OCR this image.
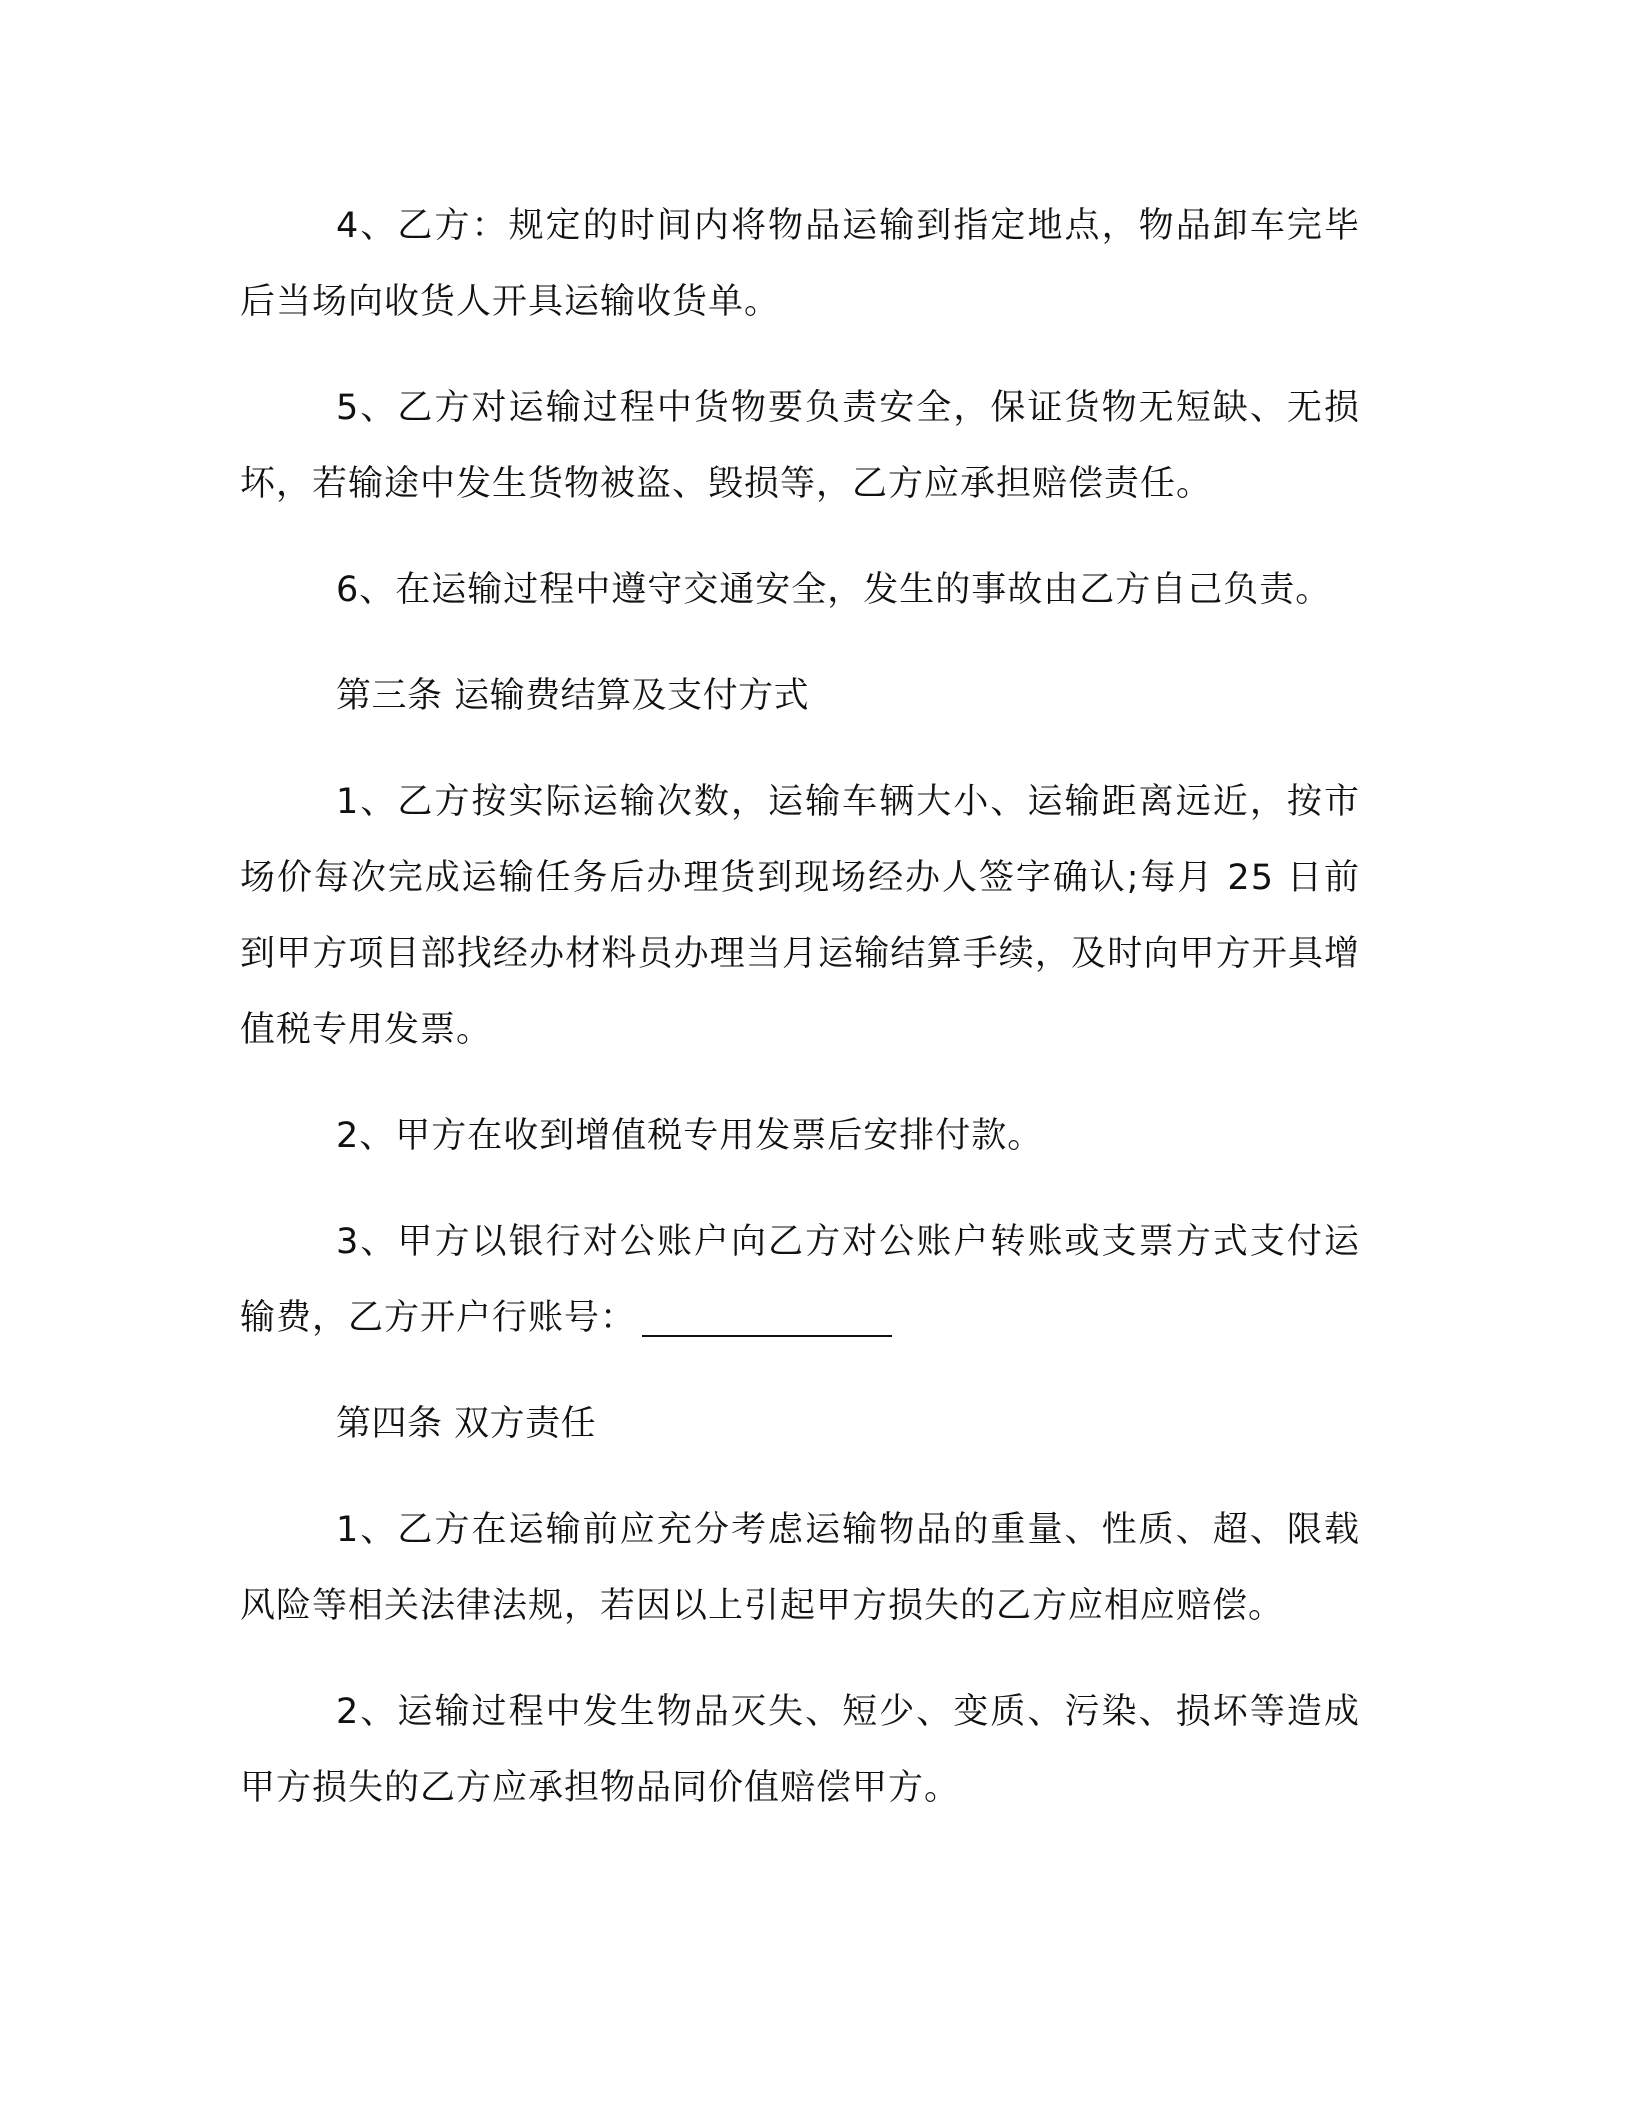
4、乙方：规定的时间内将物品运输到指定地点，物品卸车完毕后当场向收货人开具运输收货单。

5、乙方对运输过程中货物要负责安全，保证货物无短缺、无损坏，若输途中发生货物被盗、毁损等，乙方应承担赔偿责任。

6、在运输过程中遵守交通安全，发生的事故由乙方自己负责。

第三条 运输费结算及支付方式

1、乙方按实际运输次数，运输车辆大小、运输距离远近，按市场价每次完成运输任务后办理货到现场经办人签字确认;每月 25 日前到甲方项目部找经办材料员办理当月运输结算手续，及时向甲方开具增值税专用发票。

2、甲方在收到增值税专用发票后安排付款。

3、甲方以银行对公账户向乙方对公账户转账或支票方式支付运输费，乙方开户行账号：

第四条 双方责任

1、乙方在运输前应充分考虑运输物品的重量、性质、超、限载风险等相关法律法规，若因以上引起甲方损失的乙方应相应赔偿。

2、运输过程中发生物品灭失、短少、变质、污染、损坏等造成甲方损失的乙方应承担物品同价值赔偿甲方。
